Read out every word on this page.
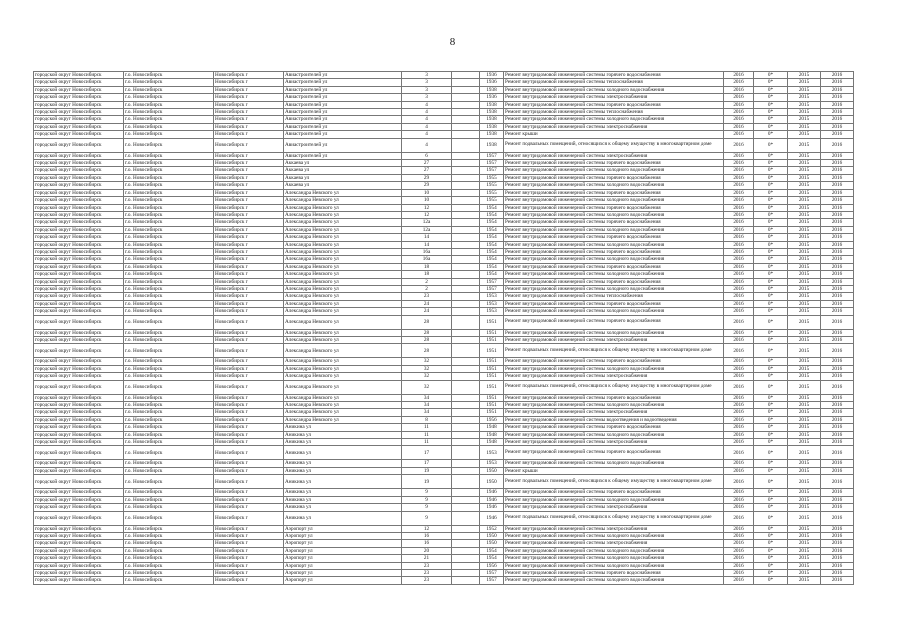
8
городской округ Новосибирск	г.о. Новосибирск	Новосибирск г	Авиастроителей ул	3		1936	Ремонт внутридомовой инженерной системы горячего водоснабжения	2016	0*	2015	2016
городской округ Новосибирск	г.о. Новосибирск	Новосибирск г	Авиастроителей ул	3		1936	Ремонт внутридомовой инженерной системы теплоснабжения	2016	0*	2015	2016
городской округ Новосибирск	г.о. Новосибирск	Новосибирск г	Авиастроителей ул	3		1938	Ремонт внутридомовой инженерной системы холодного водоснабжения	2016	0*	2015	2016
городской округ Новосибирск	г.о. Новосибирск	Новосибирск г	Авиастроителей ул	3		1936	Ремонт внутридомовой инженерной системы электроснабжения	2016	0*	2015	2016
городской округ Новосибирск	г.о. Новосибирск	Новосибирск г	Авиастроителей ул	4		1938	Ремонт внутридомовой инженерной системы горячего водоснабжения	2016	0*	2015	2016
городской округ Новосибирск	г.о. Новосибирск	Новосибирск г	Авиастроителей ул	4		1938	Ремонт внутридомовой инженерной системы теплоснабжения	2016	0*	2015	2016
городской округ Новосибирск	г.о. Новосибирск	Новосибирск г	Авиастроителей ул	4		1938	Ремонт внутридомовой инженерной системы холодного водоснабжения	2016	0*	2015	2016
городской округ Новосибирск	г.о. Новосибирск	Новосибирск г	Авиастроителей ул	4		1938	Ремонт внутридомовой инженерной системы электроснабжения	2016	0*	2015	2016
городской округ Новосибирск	г.о. Новосибирск	Новосибирск г	Авиастроителей ул	4		1938	Ремонт крыши	2016	0*	2015	2016
городской округ Новосибирск	г.о. Новосибирск	Новосибирск г	Авиастроителей ул	4		1938	Ремонт подвальных помещений, относящихся к общему имуществу в многоквартирном доме	2016	0*	2015	2016
городской округ Новосибирск	г.о. Новосибирск	Новосибирск г	Авиастроителей ул	6		1957	Ремонт внутридомовой инженерной системы электроснабжения	2016	0*	2015	2016
городской округ Новосибирск	г.о. Новосибирск	Новосибирск г	Аккаева ул	27		1957	Ремонт внутридомовой инженерной системы горячего водоснабжения	2016	0*	2015	2016
городской округ Новосибирск	г.о. Новосибирск	Новосибирск г	Аккаева ул	27		1957	Ремонт внутридомовой инженерной системы холодного водоснабжения	2016	0*	2015	2016
городской округ Новосибирск	г.о. Новосибирск	Новосибирск г	Аккаева ул	29		1955	Ремонт внутридомовой инженерной системы горячего водоснабжения	2016	0*	2015	2016
городской округ Новосибирск	г.о. Новосибирск	Новосибирск г	Аккаева ул	29		1955	Ремонт внутридомовой инженерной системы холодного водоснабжения	2016	0*	2015	2016
городской округ Новосибирск	г.о. Новосибирск	Новосибирск г	Александра Невского ул	10		1955	Ремонт внутридомовой инженерной системы горячего водоснабжения	2016	0*	2015	2016
городской округ Новосибирск	г.о. Новосибирск	Новосибирск г	Александра Невского ул	10		1955	Ремонт внутридомовой инженерной системы холодного водоснабжения	2016	0*	2015	2016
городской округ Новосибирск	г.о. Новосибирск	Новосибирск г	Александра Невского ул	12		1954	Ремонт внутридомовой инженерной системы горячего водоснабжения	2016	0*	2015	2016
городской округ Новосибирск	г.о. Новосибирск	Новосибирск г	Александра Невского ул	12		1954	Ремонт внутридомовой инженерной системы холодного водоснабжения	2016	0*	2015	2016
городской округ Новосибирск	г.о. Новосибирск	Новосибирск г	Александра Невского ул	12а		1954	Ремонт внутридомовой инженерной системы горячего водоснабжения	2016	0*	2015	2016
городской округ Новосибирск	г.о. Новосибирск	Новосибирск г	Александра Невского ул	12а		1954	Ремонт внутридомовой инженерной системы холодного водоснабжения	2016	0*	2015	2016
городской округ Новосибирск	г.о. Новосибирск	Новосибирск г	Александра Невского ул	14		1954	Ремонт внутридомовой инженерной системы горячего водоснабжения	2016	0*	2015	2016
городской округ Новосибирск	г.о. Новосибирск	Новосибирск г	Александра Невского ул	14		1954	Ремонт внутридомовой инженерной системы холодного водоснабжения	2016	0*	2015	2016
городской округ Новосибирск	г.о. Новосибирск	Новосибирск г	Александра Невского ул	16а		1954	Ремонт внутридомовой инженерной системы горячего водоснабжения	2016	0*	2015	2016
городской округ Новосибирск	г.о. Новосибирск	Новосибирск г	Александра Невского ул	16а		1954	Ремонт внутридомовой инженерной системы холодного водоснабжения	2016	0*	2015	2016
городской округ Новосибирск	г.о. Новосибирск	Новосибирск г	Александра Невского ул	18		1954	Ремонт внутридомовой инженерной системы горячего водоснабжения	2016	0*	2015	2016
городской округ Новосибирск	г.о. Новосибирск	Новосибирск г	Александра Невского ул	18		1954	Ремонт внутридомовой инженерной системы холодного водоснабжения	2016	0*	2015	2016
городской округ Новосибирск	г.о. Новосибирск	Новосибирск г	Александра Невского ул	2		1957	Ремонт внутридомовой инженерной системы горячего водоснабжения	2016	0*	2015	2016
городской округ Новосибирск	г.о. Новосибирск	Новосибирск г	Александра Невского ул	2		1957	Ремонт внутридомовой инженерной системы холодного водоснабжения	2016	0*	2015	2016
городской округ Новосибирск	г.о. Новосибирск	Новосибирск г	Александра Невского ул	23		1953	Ремонт внутридомовой инженерной системы теплоснабжения	2016	0*	2015	2016
городской округ Новосибирск	г.о. Новосибирск	Новосибирск г	Александра Невского ул	24		1953	Ремонт внутридомовой инженерной системы горячего водоснабжения	2016	0*	2015	2016
городской округ Новосибирск	г.о. Новосибирск	Новосибирск г	Александра Невского ул	24		1953	Ремонт внутридомовой инженерной системы холодного водоснабжения	2016	0*	2015	2016
городской округ Новосибирск	г.о. Новосибирск	Новосибирск г	Александра Невского ул	28		1951	Ремонт внутридомовой инженерной системы горячего водоснабжения	2016	0*	2015	2016
городской округ Новосибирск	г.о. Новосибирск	Новосибирск г	Александра Невского ул	28		1951	Ремонт внутридомовой инженерной системы холодного водоснабжения	2016	0*	2015	2016
городской округ Новосибирск	г.о. Новосибирск	Новосибирск г	Александра Невского ул	28		1951	Ремонт внутридомовой инженерной системы электроснабжения	2016	0*	2015	2016
городской округ Новосибирск	г.о. Новосибирск	Новосибирск г	Александра Невского ул	28		1951	Ремонт подвальных помещений, относящихся к общему имуществу в многоквартирном доме	2016	0*	2015	2016
городской округ Новосибирск	г.о. Новосибирск	Новосибирск г	Александра Невского ул	32		1951	Ремонт внутридомовой инженерной системы горячего водоснабжения	2016	0*	2015	2016
городской округ Новосибирск	г.о. Новосибирск	Новосибирск г	Александра Невского ул	32		1951	Ремонт внутридомовой инженерной системы холодного водоснабжения	2016	0*	2015	2016
городской округ Новосибирск	г.о. Новосибирск	Новосибирск г	Александра Невского ул	32		1951	Ремонт внутридомовой инженерной системы электроснабжения	2016	0*	2015	2016
городской округ Новосибирск	г.о. Новосибирск	Новосибирск г	Александра Невского ул	32		1951	Ремонт подвальных помещений, относящихся к общему имуществу в многоквартирном доме	2016	0*	2015	2016
городской округ Новосибирск	г.о. Новосибирск	Новосибирск г	Александра Невского ул	34		1951	Ремонт внутридомовой инженерной системы горячего водоснабжения	2016	0*	2015	2016
городской округ Новосибирск	г.о. Новосибирск	Новосибирск г	Александра Невского ул	34		1951	Ремонт внутридомовой инженерной системы холодного водоснабжения	2016	0*	2015	2016
городской округ Новосибирск	г.о. Новосибирск	Новосибирск г	Александра Невского ул	34		1951	Ремонт внутридомовой инженерной системы электроснабжения	2016	0*	2015	2016
городской округ Новосибирск	г.о. Новосибирск	Новосибирск г	Александра Невского ул	8		1956	Ремонт внутридомовой инженерной системы водоотведения и водоотведения	2016	0*	2015	2016
городской округ Новосибирск	г.о. Новосибирск	Новосибирск г	Аникина ул	11		1948	Ремонт внутридомовой инженерной системы горячего водоснабжения	2016	0*	2015	2016
городской округ Новосибирск	г.о. Новосибирск	Новосибирск г	Аникина ул	11		1948	Ремонт внутридомовой инженерной системы холодного водоснабжения	2016	0*	2015	2016
городской округ Новосибирск	г.о. Новосибирск	Новосибирск г	Аникина ул	11		1948	Ремонт внутридомовой инженерной системы электроснабжения	2016	0*	2015	2016
городской округ Новосибирск	г.о. Новосибирск	Новосибирск г	Аникина ул	17		1953	Ремонт внутридомовой инженерной системы горячего водоснабжения	2016	0*	2015	2016
городской округ Новосибирск	г.о. Новосибирск	Новосибирск г	Аникина ул	17		1953	Ремонт внутридомовой инженерной системы холодного водоснабжения	2016	0*	2015	2016
городской округ Новосибирск	г.о. Новосибирск	Новосибирск г	Аникина ул	19		1950	Ремонт крыши	2016	0*	2015	2016
городской округ Новосибирск	г.о. Новосибирск	Новосибирск г	Аникина ул	19		1950	Ремонт подвальных помещений, относящихся к общему имуществу в многоквартирном доме	2016	0*	2015	2016
городской округ Новосибирск	г.о. Новосибирск	Новосибирск г	Аникина ул	9		1946	Ремонт внутридомовой инженерной системы горячего водоснабжения	2016	0*	2015	2016
городской округ Новосибирск	г.о. Новосибирск	Новосибирск г	Аникина ул	9		1946	Ремонт внутридомовой инженерной системы холодного водоснабжения	2016	0*	2015	2016
городской округ Новосибирск	г.о. Новосибирск	Новосибирск г	Аникина ул	9		1946	Ремонт внутридомовой инженерной системы электроснабжения	2016	0*	2015	2016
городской округ Новосибирск	г.о. Новосибирск	Новосибирск г	Аникина ул	9		1946	Ремонт подвальных помещений, относящихся к общему имуществу в многоквартирном доме	2016	0*	2015	2016
городской округ Новосибирск	г.о. Новосибирск	Новосибирск г	Аэропорт ул	12		1952	Ремонт внутридомовой инженерной системы электроснабжения	2016	0*	2015	2016
городской округ Новосибирск	г.о. Новосибирск	Новосибирск г	Аэропорт ул	16		1950	Ремонт внутридомовой инженерной системы холодного водоснабжения	2016	0*	2015	2016
городской округ Новосибирск	г.о. Новосибирск	Новосибирск г	Аэропорт ул	16		1950	Ремонт внутридомовой инженерной системы электроснабжения	2016	0*	2015	2016
городской округ Новосибирск	г.о. Новосибирск	Новосибирск г	Аэропорт ул	20		1954	Ремонт внутридомовой инженерной системы холодного водоснабжения	2016	0*	2015	2016
городской округ Новосибирск	г.о. Новосибирск	Новосибирск г	Аэропорт ул	21		1954	Ремонт внутридомовой инженерной системы холодного водоснабжения	2016	0*	2015	2016
городской округ Новосибирск	г.о. Новосибирск	Новосибирск г	Аэропорт ул	23		1956	Ремонт внутридомовой инженерной системы холодного водоснабжения	2016	0*	2015	2016
городской округ Новосибирск	г.о. Новосибирск	Новосибирск г	Аэропорт ул	23		1957	Ремонт внутридомовой инженерной системы горячего водоснабжения	2016	0*	2015	2016
городской округ Новосибирск	г.о. Новосибирск	Новосибирск г	Аэропорт ул	23		1957	Ремонт внутридомовой инженерной системы холодного водоснабжения	2016	0*	2015	2016
